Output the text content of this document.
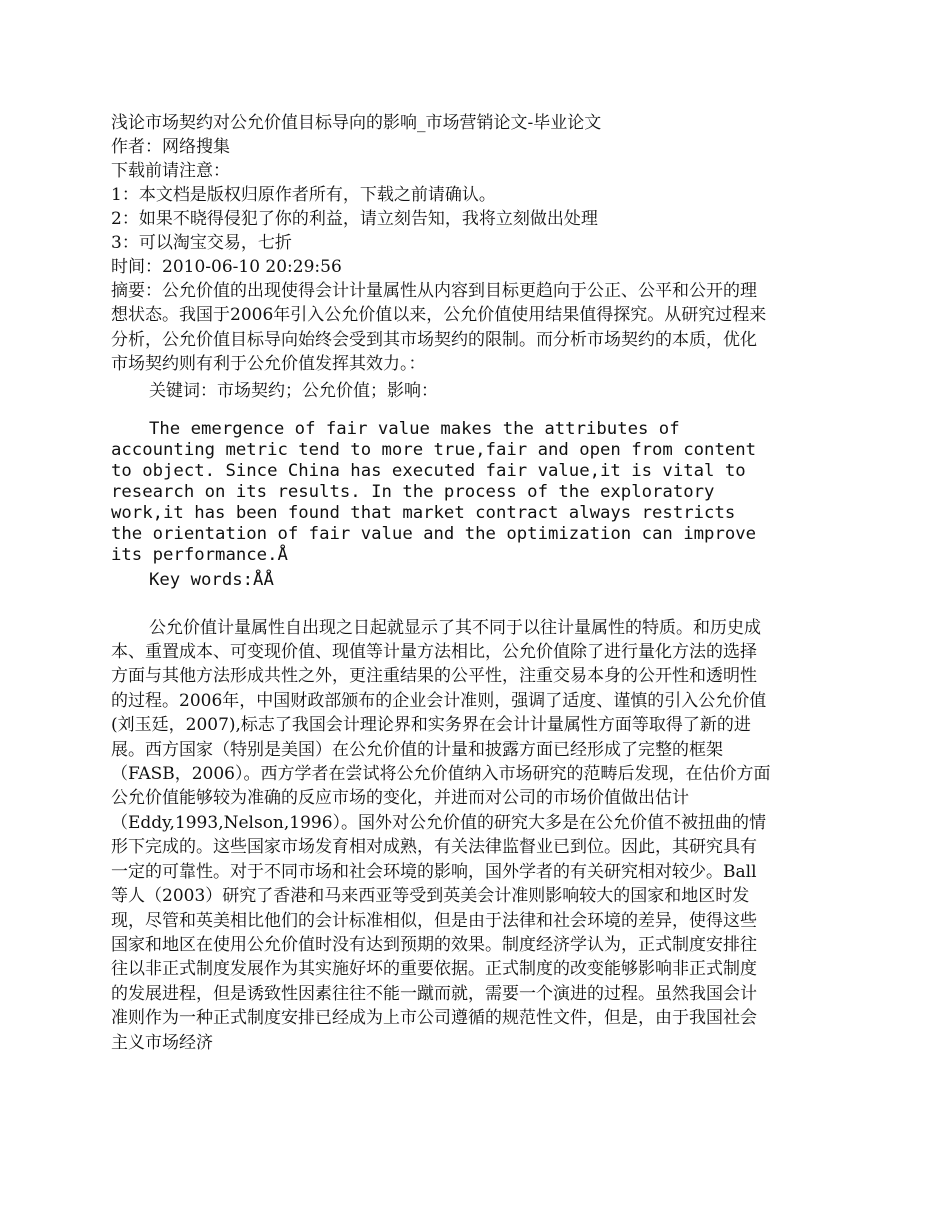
浅论市场契约对公允价值目标导向的影响_市场营销论文-毕业论文
作者：网络搜集
下载前请注意：
1：本文档是版权归原作者所有，下载之前请确认。
2：如果不晓得侵犯了你的利益，请立刻告知，我将立刻做出处理
3：可以淘宝交易，七折
时间：2010-06-10 20:29:56
摘要：公允价值的出现使得会计计量属性从内容到目标更趋向于公正、公平和公开的理想状态。我国于2006年引入公允价值以来，公允价值使用结果值得探究。从研究过程来分析，公允价值目标导向始终会受到其市场契约的限制。而分析市场契约的本质，优化市场契约则有利于公允价值发挥其效力。：
关键词：市场契约；公允价值；影响：
The emergence of fair value makes the attributes of accounting metric tend to more true,fair and open from content to object. Since China has executed fair value,it is vital to research on its results. In the process of the exploratory work,it has been found that market contract always restricts the orientation of fair value and the optimization can improve its performance.Å
Key words:ÅÅ
公允价值计量属性自出现之日起就显示了其不同于以往计量属性的特质。和历史成本、重置成本、可变现价值、现值等计量方法相比，公允价值除了进行量化方法的选择方面与其他方法形成共性之外，更注重结果的公平性，注重交易本身的公开性和透明性的过程。2006年，中国财政部颁布的企业会计准则，强调了适度、谨慎的引入公允价值(刘玉廷，2007),标志了我国会计理论界和实务界在会计计量属性方面等取得了新的进展。西方国家（特别是美国）在公允价值的计量和披露方面已经形成了完整的框架（FASB，2006）。西方学者在尝试将公允价值纳入市场研究的范畴后发现，在估价方面公允价值能够较为准确的反应市场的变化，并进而对公司的市场价值做出估计（Eddy,1993,Nelson,1996）。国外对公允价值的研究大多是在公允价值不被扭曲的情形下完成的。这些国家市场发育相对成熟，有关法律监督业已到位。因此，其研究具有一定的可靠性。对于不同市场和社会环境的影响，国外学者的有关研究相对较少。Ball等人（2003）研究了香港和马来西亚等受到英美会计准则影响较大的国家和地区时发现，尽管和英美相比他们的会计标准相似，但是由于法律和社会环境的差异，使得这些国家和地区在使用公允价值时没有达到预期的效果。制度经济学认为，正式制度安排往往以非正式制度发展作为其实施好坏的重要依据。正式制度的改变能够影响非正式制度的发展进程，但是诱致性因素往往不能一蹴而就，需要一个演进的过程。虽然我国会计准则作为一种正式制度安排已经成为上市公司遵循的规范性文件，但是，由于我国社会主义市场经济
